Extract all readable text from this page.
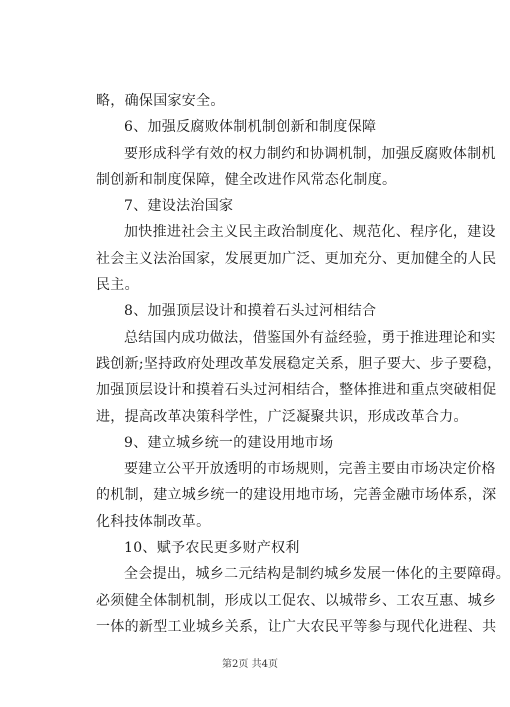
略，确保国家安全。
6、加强反腐败体制机制创新和制度保障
要形成科学有效的权力制约和协调机制，加强反腐败体制机
制创新和制度保障，健全改进作风常态化制度。
7、建设法治国家
加快推进社会主义民主政治制度化、规范化、程序化，建设
社会主义法治国家，发展更加广泛、更加充分、更加健全的人民
民主。
8、加强顶层设计和摸着石头过河相结合
总结国内成功做法，借鉴国外有益经验，勇于推进理论和实
践创新;坚持政府处理改革发展稳定关系，胆子要大、步子要稳，
加强顶层设计和摸着石头过河相结合，整体推进和重点突破相促
进，提高改革决策科学性，广泛凝聚共识，形成改革合力。
9、建立城乡统一的建设用地市场
要建立公平开放透明的市场规则，完善主要由市场决定价格
的机制，建立城乡统一的建设用地市场，完善金融市场体系，深
化科技体制改革。
10、赋予农民更多财产权利
全会提出，城乡二元结构是制约城乡发展一体化的主要障碍。
必须健全体制机制，形成以工促农、以城带乡、工农互惠、城乡
一体的新型工业城乡关系，让广大农民平等参与现代化进程、共
第2页 共4页
